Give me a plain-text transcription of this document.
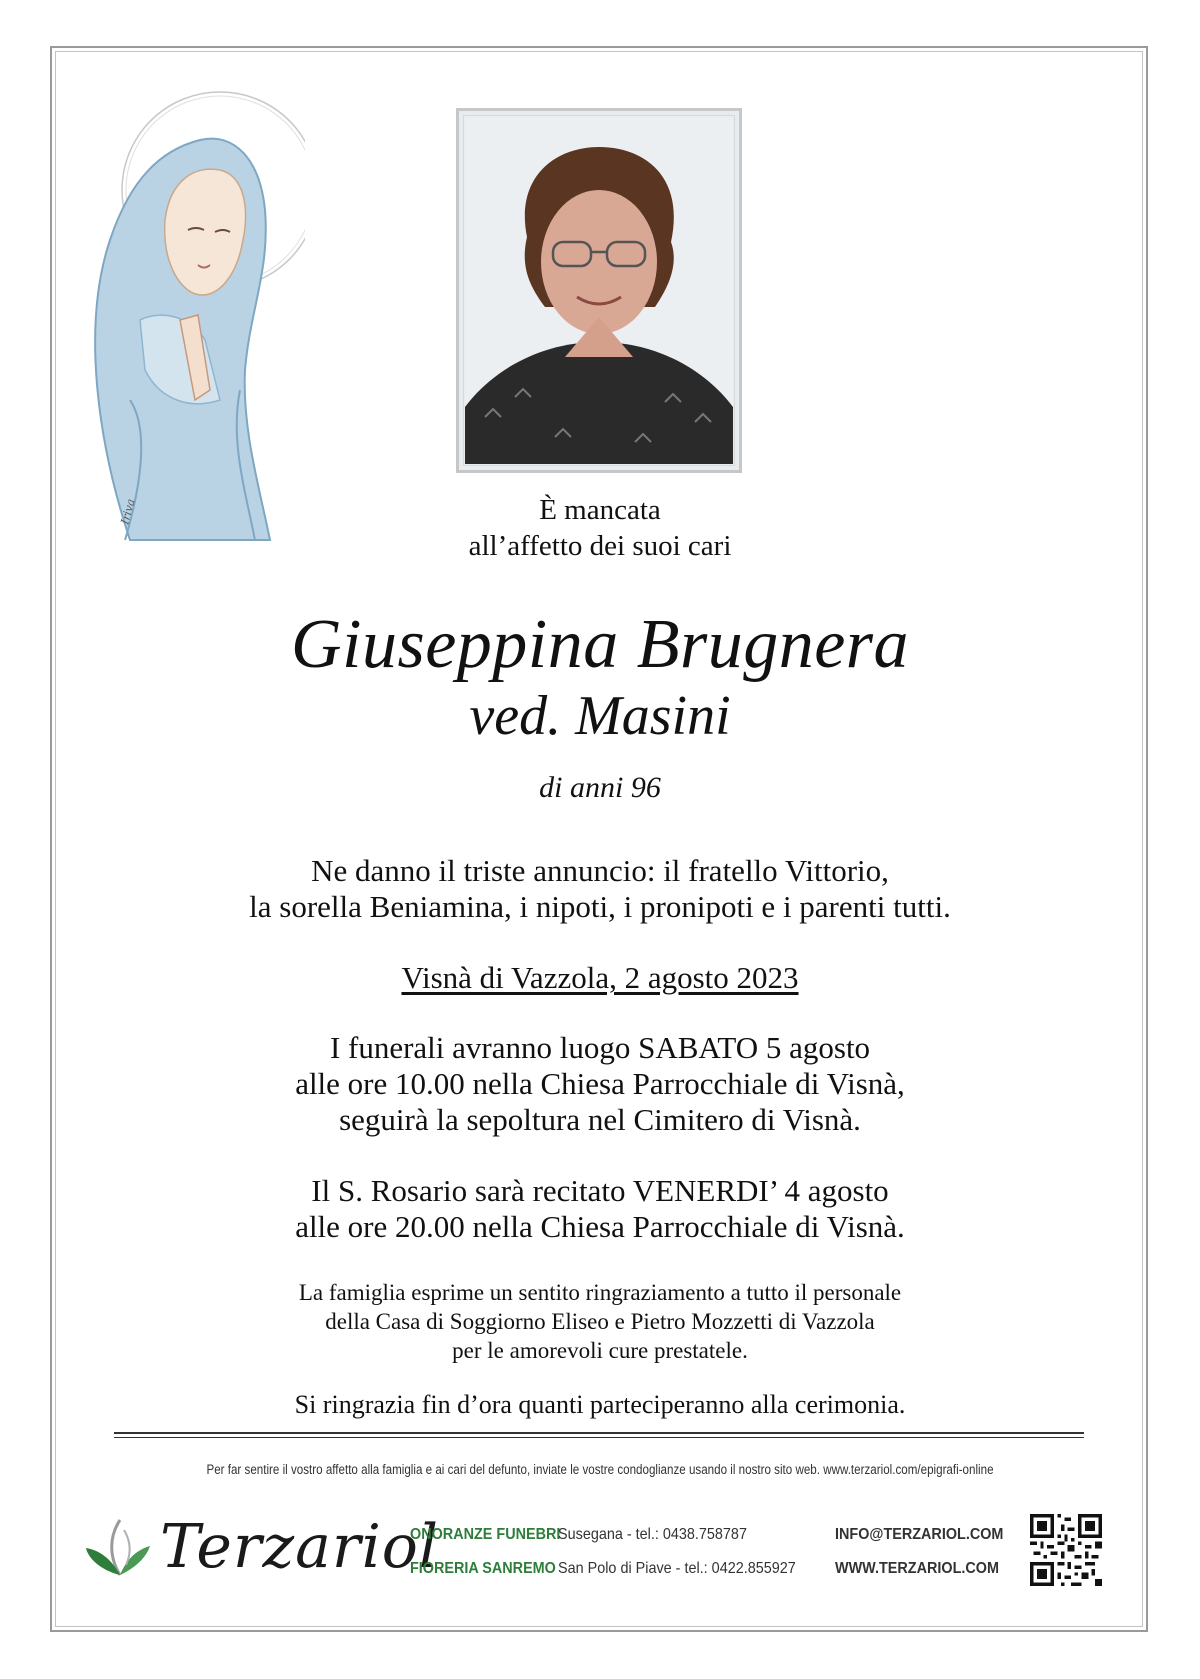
Iriva	È mancata
all’affetto dei suoi cari
Giuseppina Brugnera
ved. Masini
di anni 96
Ne danno il triste annuncio: il fratello Vittorio,
la sorella Beniamina, i nipoti, i pronipoti e i parenti tutti.
Visnà di Vazzola, 2 agosto 2023
I funerali avranno luogo SABATO 5 agosto
alle ore 10.00 nella Chiesa Parrocchiale di Visnà,
seguirà la sepoltura nel Cimitero di Visnà.
Il S. Rosario sarà recitato VENERDI’ 4 agosto
alle ore 20.00 nella Chiesa Parrocchiale di Visnà.
La famiglia esprime un sentito ringraziamento a tutto il personale
della Casa di Soggiorno Eliseo e Pietro Mozzetti di Vazzola
per le amorevoli cure prestatele.
Si ringrazia fin d’ora quanti parteciperanno alla cerimonia.
Per far sentire il vostro affetto alla famiglia e ai cari del defunto, inviate le vostre condoglianze usando il nostro sito web. www.terzariol.com/epigrafi-online
Terzariol
ONORANZE FUNEBRI
FIORERIA SANREMO
Susegana - tel.: 0438.758787
San Polo di Piave - tel.: 0422.855927
INFO@TERZARIOL.COM
WWW.TERZARIOL.COM
